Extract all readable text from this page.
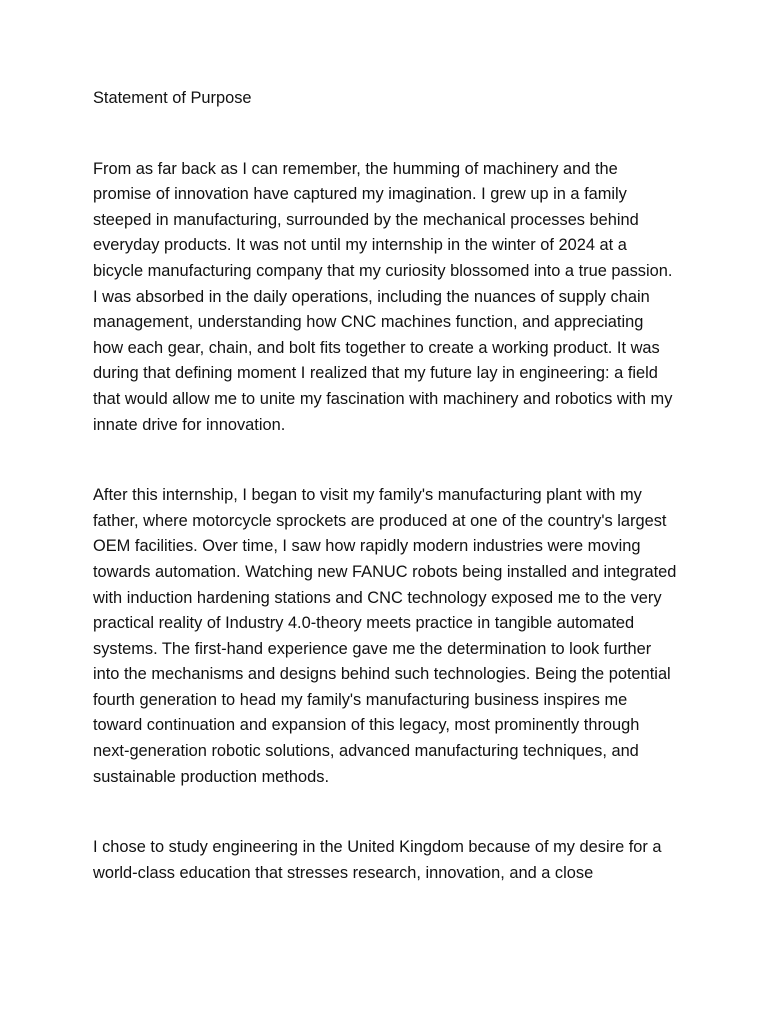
Statement of Purpose

From as far back as I can remember, the humming of machinery and the promise of innovation have captured my imagination. I grew up in a family steeped in manufacturing, surrounded by the mechanical processes behind everyday products. It was not until my internship in the winter of 2024 at a bicycle manufacturing company that my curiosity blossomed into a true passion. I was absorbed in the daily operations, including the nuances of supply chain management, understanding how CNC machines function, and appreciating how each gear, chain, and bolt fits together to create a working product. It was during that defining moment I realized that my future lay in engineering: a field that would allow me to unite my fascination with machinery and robotics with my innate drive for innovation.

After this internship, I began to visit my family's manufacturing plant with my father, where motorcycle sprockets are produced at one of the country's largest OEM facilities. Over time, I saw how rapidly modern industries were moving towards automation. Watching new FANUC robots being installed and integrated with induction hardening stations and CNC technology exposed me to the very practical reality of Industry 4.0-theory meets practice in tangible automated systems. The first-hand experience gave me the determination to look further into the mechanisms and designs behind such technologies. Being the potential fourth generation to head my family's manufacturing business inspires me toward continuation and expansion of this legacy, most prominently through next-generation robotic solutions, advanced manufacturing techniques, and sustainable production methods.

I chose to study engineering in the United Kingdom because of my desire for a world-class education that stresses research, innovation, and a close
